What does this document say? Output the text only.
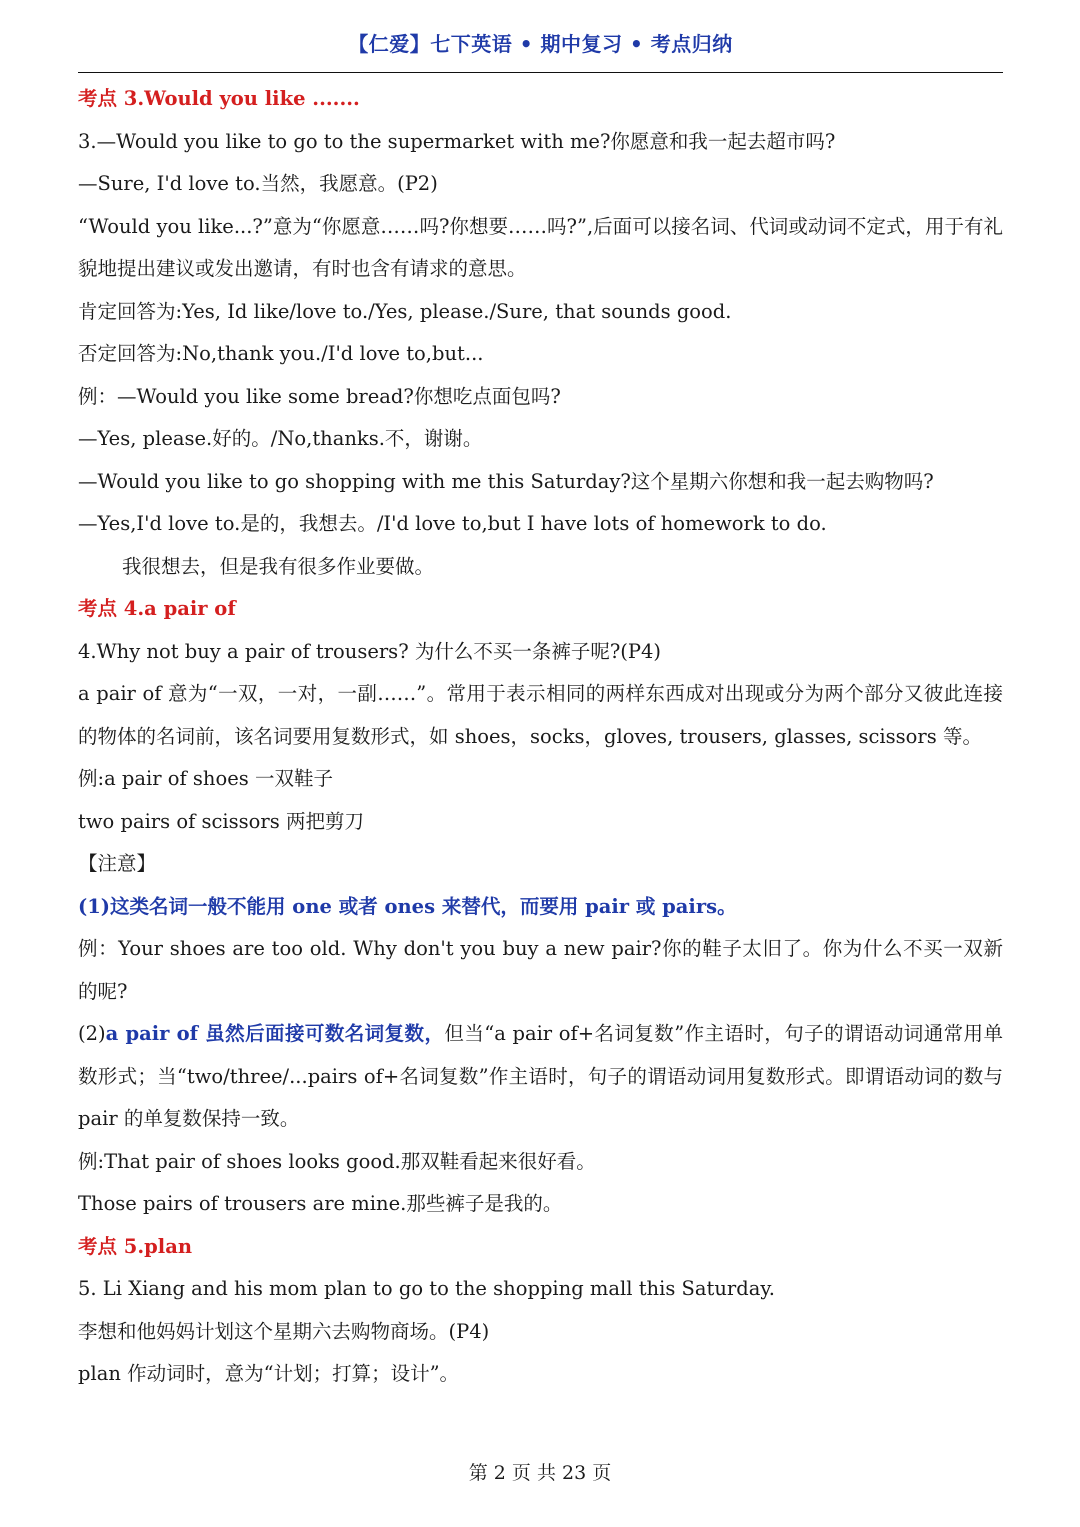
【仁爱】七下英语 • 期中复习 • 考点归纳
考点 3.Would you like .......
3.—Would you like to go to the supermarket with me?你愿意和我一起去超市吗?
—Sure, I'd love to.当然，我愿意。(P2)
“Would you like...?”意为“你愿意……吗?你想要……吗?”,后面可以接名词、代词或动词不定式，用于有礼貌地提出建议或发出邀请，有时也含有请求的意思。
肯定回答为:Yes, Id like/love to./Yes, please./Sure, that sounds good.
否定回答为:No,thank you./I'd love to,but...
例：—Would you like some bread?你想吃点面包吗?
—Yes, please.好的。/No,thanks.不，谢谢。
—Would you like to go shopping with me this Saturday?这个星期六你想和我一起去购物吗?
—Yes,I'd love to.是的，我想去。/I'd love to,but I have lots of homework to do.
我很想去，但是我有很多作业要做。
考点 4.a pair of
4.Why not buy a pair of trousers? 为什么不买一条裤子呢?(P4)
a pair of 意为“一双，一对，一副……”。常用于表示相同的两样东西成对出现或分为两个部分又彼此连接的物体的名词前，该名词要用复数形式，如 shoes，socks，gloves, trousers, glasses, scissors 等。
例:a pair of shoes 一双鞋子
two pairs of scissors 两把剪刀
【注意】
(1)这类名词一般不能用 one 或者 ones 来替代，而要用 pair 或 pairs。
例：Your shoes are too old. Why don't you buy a new pair?你的鞋子太旧了。你为什么不买一双新的呢?
(2)a pair of 虽然后面接可数名词复数，但当“a pair of+名词复数”作主语时，句子的谓语动词通常用单数形式；当“two/three/...pairs of+名词复数”作主语时，句子的谓语动词用复数形式。即谓语动词的数与 pair 的单复数保持一致。
例:That pair of shoes looks good.那双鞋看起来很好看。
Those pairs of trousers are mine.那些裤子是我的。
考点 5.plan
5. Li Xiang and his mom plan to go to the shopping mall this Saturday.
李想和他妈妈计划这个星期六去购物商场。(P4)
plan 作动词时，意为“计划；打算；设计”。
第 2 页 共 23 页
